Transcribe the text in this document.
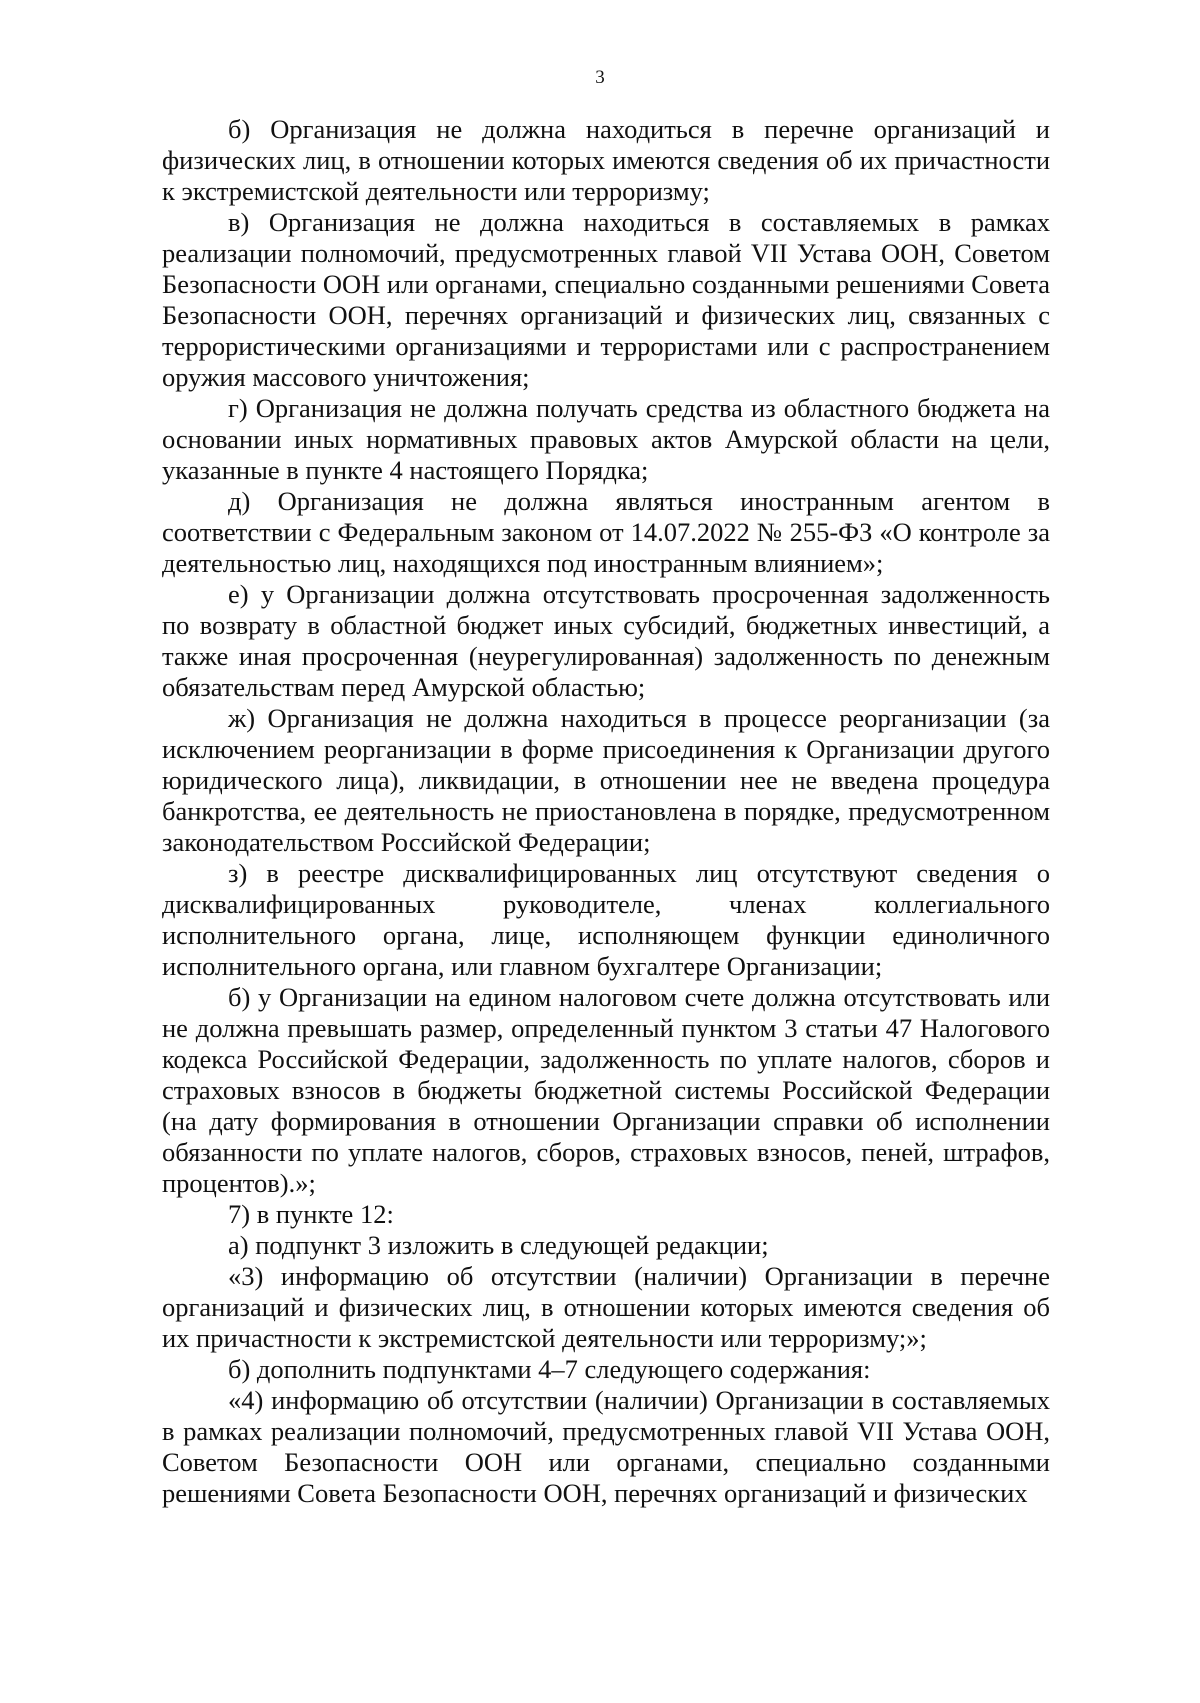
3

б) Организация не должна находиться в перечне организаций и физических лиц, в отношении которых имеются сведения об их причастности к экстремистской деятельности или терроризму;

в) Организация не должна находиться в составляемых в рамках реализации полномочий, предусмотренных главой VII Устава ООН, Советом Безопасности ООН или органами, специально созданными решениями Совета Безопасности ООН, перечнях организаций и физических лиц, связанных с террористическими организациями и террористами или с распространением оружия массового уничтожения;

г) Организация не должна получать средства из областного бюджета на основании иных нормативных правовых актов Амурской области на цели, указанные в пункте 4 настоящего Порядка;

д) Организация не должна являться иностранным агентом в соответствии с Федеральным законом от 14.07.2022 № 255-ФЗ «О контроле за деятельностью лиц, находящихся под иностранным влиянием»;

е) у Организации должна отсутствовать просроченная задолженность по возврату в областной бюджет иных субсидий, бюджетных инвестиций, а также иная просроченная (неурегулированная) задолженность по денежным обязательствам перед Амурской областью;

ж) Организация не должна находиться в процессе реорганизации (за исключением реорганизации в форме присоединения к Организации другого юридического лица), ликвидации, в отношении нее не введена процедура банкротства, ее деятельность не приостановлена в порядке, предусмотренном законодательством Российской Федерации;

з) в реестре дисквалифицированных лиц отсутствуют сведения о дисквалифицированных руководителе, членах коллегиального исполнительного органа, лице, исполняющем функции единоличного исполнительного органа, или главном бухгалтере Организации;

б) у Организации на едином налоговом счете должна отсутствовать или не должна превышать размер, определенный пунктом 3 статьи 47 Налогового кодекса Российской Федерации, задолженность по уплате налогов, сборов и страховых взносов в бюджеты бюджетной системы Российской Федерации (на дату формирования в отношении Организации справки об исполнении обязанности по уплате налогов, сборов, страховых взносов, пеней, штрафов, процентов).»;

7) в пункте 12:

а) подпункт 3 изложить в следующей редакции;

«3) информацию об отсутствии (наличии) Организации в перечне организаций и физических лиц, в отношении которых имеются сведения об их причастности к экстремистской деятельности или терроризму;»;

б) дополнить подпунктами 4–7 следующего содержания:

«4) информацию об отсутствии (наличии) Организации в составляемых в рамках реализации полномочий, предусмотренных главой VII Устава ООН, Советом Безопасности ООН или органами, специально созданными решениями Совета Безопасности ООН, перечнях организаций и физических
